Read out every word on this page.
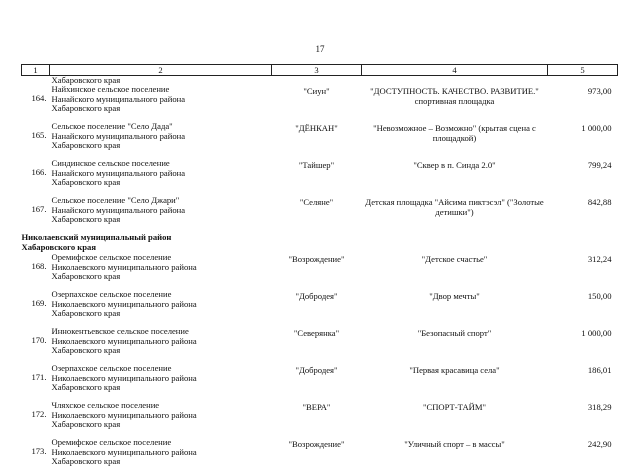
17
1	2	3	4	5
	Хабаровского края			
164.	Найхинское сельское поселение
Нанайского муниципального района
Хабаровского края	"Сиун"	"ДОСТУПНОСТЬ. КАЧЕСТВО. РАЗВИТИЕ." спортивная площадка	973,00
165.	Сельское поселение "Село Дада"
Нанайского муниципального района
Хабаровского края	"ДЁНКАН"	"Невозможное – Возможно" (крытая сцена с площадкой)	1 000,00
166.	Синдинское сельское поселение
Нанайского муниципального района
Хабаровского края	"Тайшер"	"Сквер в п. Синда 2.0"	799,24
167.	Сельское поселение "Село Джари"
Нанайского муниципального района
Хабаровского края	"Селяне"	Детская площадка "Айсима пиктэсэл" ("Золотые детишки")	842,88

Николаевский муниципальный район
Хабаровского края				

168.	Оремифское сельское поселение
Николаевского муниципального района
Хабаровского края	"Возрождение"	"Детское счастье"	312,24
169.	Озерпахское сельское поселение
Николаевского муниципального района
Хабаровского края	"Добродея"	"Двор мечты"	150,00
170.	Иннокентьевское сельское поселение
Николаевского муниципального района
Хабаровского края	"Северянка"	"Безопасный спорт"	1 000,00
171.	Озерпахское сельское поселение
Николаевского муниципального района
Хабаровского края	"Добродея"	"Первая красавица села"	186,01
172.	Чляхское сельское поселение
Николаевского муниципального района
Хабаровского края	"ВЕРА"	"СПОРТ-ТАЙМ"	318,29
173.	Оремифское сельское поселение
Николаевского муниципального района
Хабаровского края	"Возрождение"	"Уличный спорт – в массы"	242,90
